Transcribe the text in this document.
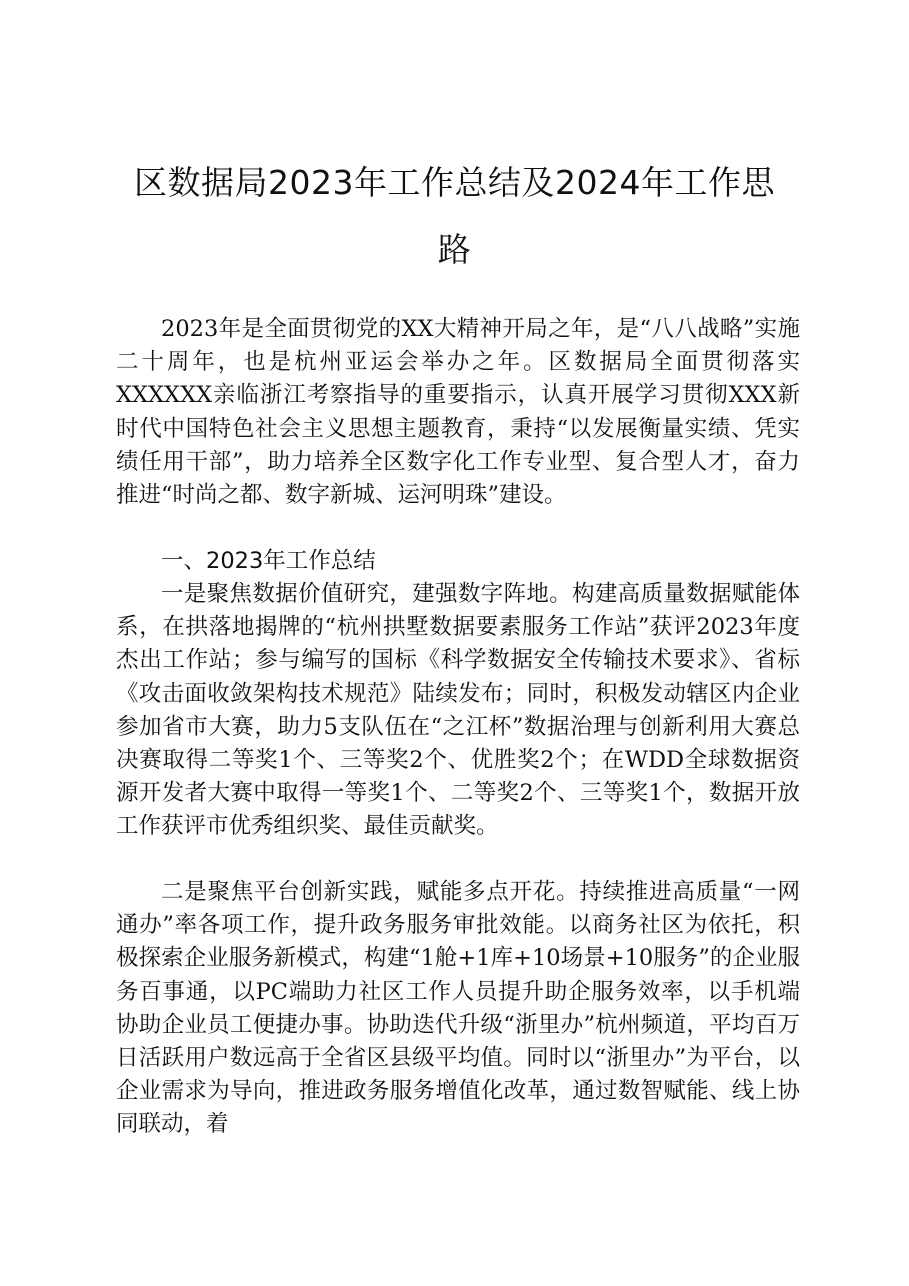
区数据局2023年工作总结及2024年工作思
路

2023年是全面贯彻党的XX大精神开局之年，是“八八战略”实施二十周年，也是杭州亚运会举办之年。区数据局全面贯彻落实XXXXXX亲临浙江考察指导的重要指示，认真开展学习贯彻XXX新时代中国特色社会主义思想主题教育，秉持“以发展衡量实绩、凭实绩任用干部”，助力培养全区数字化工作专业型、复合型人才，奋力推进“时尚之都、数字新城、运河明珠”建设。

一、2023年工作总结

一是聚焦数据价值研究，建强数字阵地。构建高质量数据赋能体系，在拱落地揭牌的“杭州拱墅数据要素服务工作站”获评2023年度杰出工作站；参与编写的国标《科学数据安全传输技术要求》、省标《攻击面收敛架构技术规范》陆续发布；同时，积极发动辖区内企业参加省市大赛，助力5支队伍在“之江杯”数据治理与创新利用大赛总决赛取得二等奖1个、三等奖2个、优胜奖2个；在WDD全球数据资源开发者大赛中取得一等奖1个、二等奖2个、三等奖1个，数据开放工作获评市优秀组织奖、最佳贡献奖。

二是聚焦平台创新实践，赋能多点开花。持续推进高质量“一网通办”率各项工作，提升政务服务审批效能。以商务社区为依托，积极探索企业服务新模式，构建“1舱+1库+10场景+10服务”的企业服务百事通，以PC端助力社区工作人员提升助企服务效率，以手机端协助企业员工便捷办事。协助迭代升级“浙里办”杭州频道，平均百万日活跃用户数远高于全省区县级平均值。同时以“浙里办”为平台，以企业需求为导向，推进政务服务增值化改革，通过数智赋能、线上协同联动，着
